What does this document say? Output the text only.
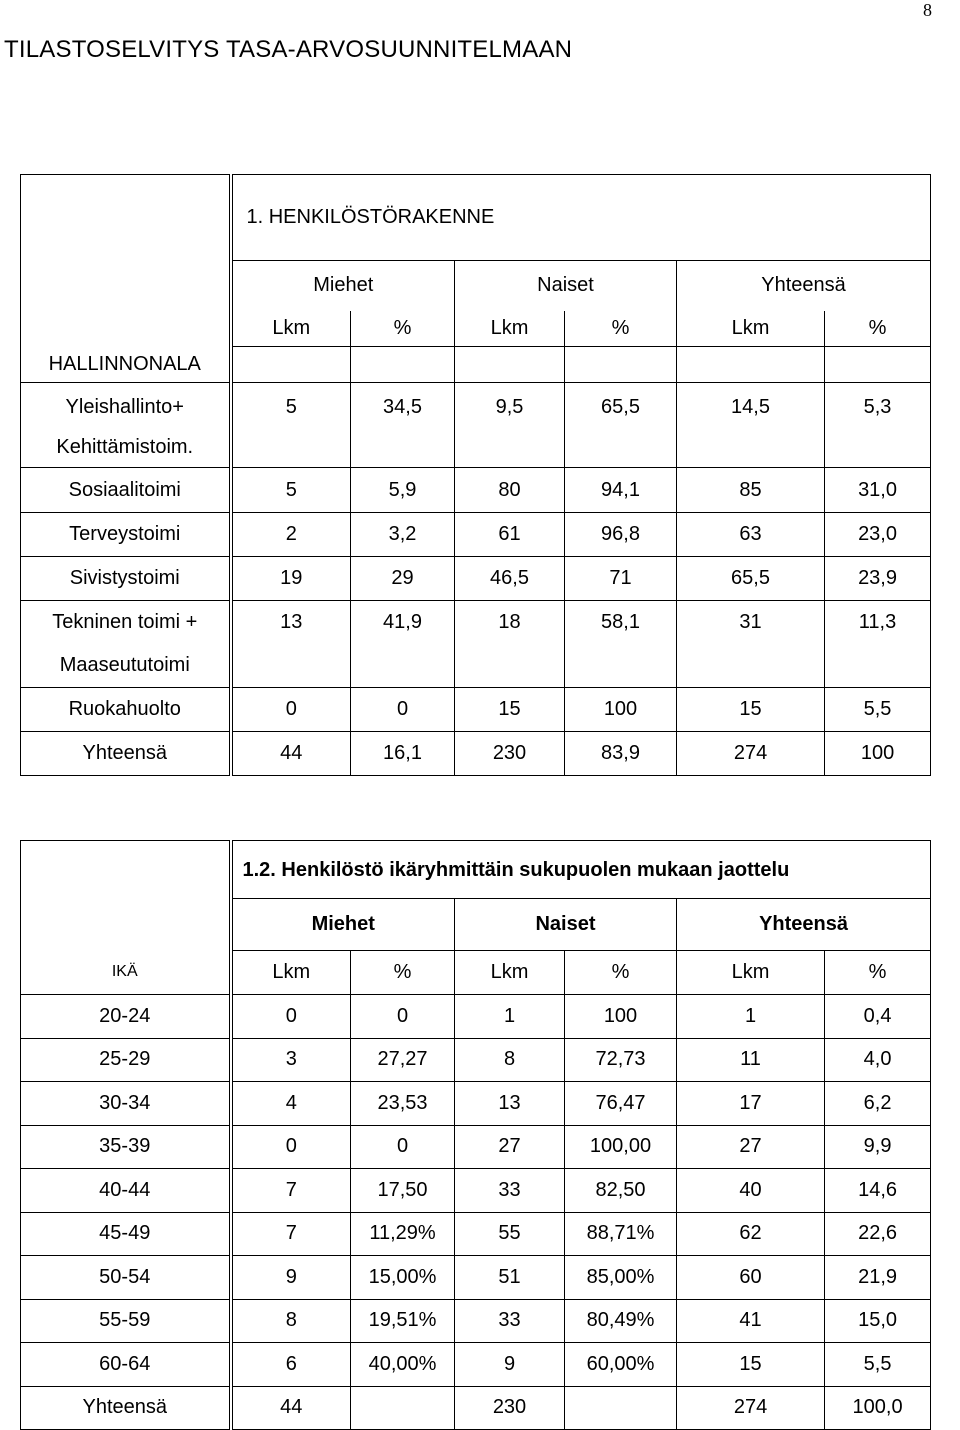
8
TILASTOSELVITYS TASA-ARVOSUUNNITELMAAN
	1. HENKILÖSTÖRAKENNE					
	Miehet		Naiset		Yhteensä	
	Lkm	%	Lkm	%	Lkm	%
HALLINNONALA						
Yleishallinto+ Kehittämistoim.	5	34,5	9,5	65,5	14,5	5,3
Sosiaalitoimi	5	5,9	80	94,1	85	31,0
Terveystoimi	2	3,2	61	96,8	63	23,0
Sivistystoimi	19	29	46,5	71	65,5	23,9
Tekninen toimi + Maaseututoimi	13	41,9	18	58,1	31	11,3
Ruokahuolto	0	0	15	100	15	5,5
Yhteensä	44	16,1	230	83,9	274	100
	1.2. Henkilöstö ikäryhmittäin sukupuolen mukaan jaottelu					
	Miehet		Naiset		Yhteensä	
IKÄ	Lkm	%	Lkm	%	Lkm	%
20-24	0	0	1	100	1	0,4
25-29	3	27,27	8	72,73	11	4,0
30-34	4	23,53	13	76,47	17	6,2
35-39	0	0	27	100,00	27	9,9
40-44	7	17,50	33	82,50	40	14,6
45-49	7	11,29%	55	88,71%	62	22,6
50-54	9	15,00%	51	85,00%	60	21,9
55-59	8	19,51%	33	80,49%	41	15,0
60-64	6	40,00%	9	60,00%	15	5,5
Yhteensä	44		230		274	100,0
